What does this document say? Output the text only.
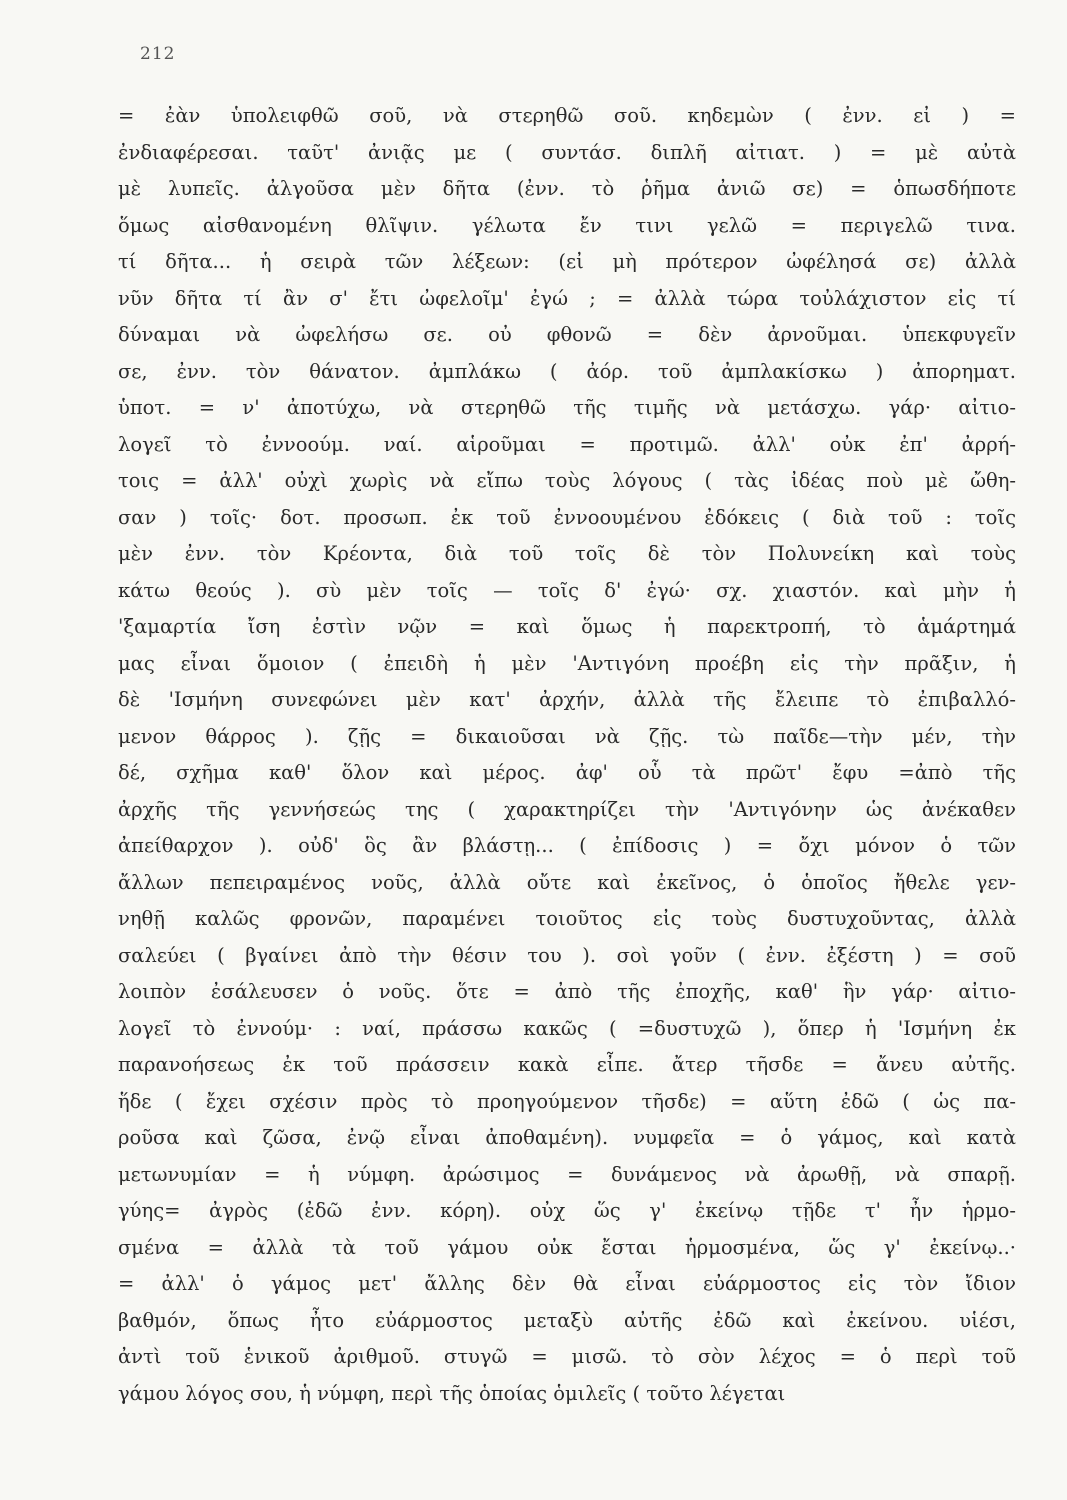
212
= ἐὰν ὑπολειφθῶ σοῦ, νὰ στερηθῶ σοῦ. κηδεμὼν ( ἐνν. εἰ ) =
ἐνδιαφέρεσαι. ταῦτ' ἀνιᾷς με ( συντάσ. διπλῆ αἰτιατ. ) = μὲ αὐτὰ
μὲ λυπεῖς. ἀλγοῦσα μὲν δῆτα (ἐνν. τὸ ῥῆμα ἀνιῶ σε) = ὁπωσδήποτε
ὅμως αἰσθανομένη θλῖψιν. γέλωτα ἔν τινι γελῶ = περιγελῶ τινα.
τί δῆτα... ἡ σειρὰ τῶν λέξεων: (εἰ μὴ πρότερον ὠφέλησά σε) ἀλλὰ
νῦν δῆτα τί ἂν σ' ἔτι ὠφελοῖμ' ἐγώ ; = ἀλλὰ τώρα τοὐλάχιστον εἰς τί
δύναμαι νὰ ὠφελήσω σε. οὐ φθονῶ = δὲν ἀρνοῦμαι. ὑπεκφυγεῖν
σε, ἐνν. τὸν θάνατον. ἀμπλάκω ( ἀόρ. τοῦ ἀμπλακίσκω ) ἀπορηματ.
ὑποτ. = ν' ἀποτύχω, νὰ στερηθῶ τῆς τιμῆς νὰ μετάσχω. γάρ· αἰτιο-
λογεῖ τὸ ἐννοούμ. ναί. αἱροῦμαι = προτιμῶ. ἀλλ' οὐκ ἐπ' ἀρρή-
τοις = ἀλλ' οὐχὶ χωρὶς νὰ εἴπω τοὺς λόγους ( τὰς ἰδέας ποὺ μὲ ὤθη-
σαν ) τοῖς· δοτ. προσωπ. ἐκ τοῦ ἐννοουμένου ἐδόκεις ( διὰ τοῦ : τοῖς
μὲν ἐνν. τὸν Κρέοντα, διὰ τοῦ τοῖς δὲ τὸν Πολυνείκη καὶ τοὺς
κάτω θεούς ). σὺ μὲν τοῖς — τοῖς δ' ἐγώ· σχ. χιαστόν. καὶ μὴν ἡ
'ξαμαρτία ἴση ἐστὶν νῷν = καὶ ὅμως ἡ παρεκτροπή, τὸ ἁμάρτημά
μας εἶναι ὅμοιον ( ἐπειδὴ ἡ μὲν 'Αντιγόνη προέβη εἰς τὴν πρᾶξιν, ἡ
δὲ 'Ισμήνη συνεφώνει μὲν κατ' ἀρχήν, ἀλλὰ τῆς ἔλειπε τὸ ἐπιβαλλό-
μενον θάρρος ). ζῇς = δικαιοῦσαι νὰ ζῇς. τὼ παῖδε—τὴν μέν, τὴν
δέ, σχῆμα καθ' ὅλον καὶ μέρος. ἀφ' οὗ τὰ πρῶτ' ἔφυ =ἀπὸ τῆς
ἀρχῆς τῆς γεννήσεώς της ( χαρακτηρίζει τὴν 'Αντιγόνην ὡς ἀνέκαθεν
ἀπείθαρχον ). οὐδ' ὃς ἂν βλάστῃ... ( ἐπίδοσις ) = ὄχι μόνον ὁ τῶν
ἄλλων πεπειραμένος νοῦς, ἀλλὰ οὔτε καὶ ἐκεῖνος, ὁ ὁποῖος ἤθελε γεν-
νηθῇ καλῶς φρονῶν, παραμένει τοιοῦτος εἰς τοὺς δυστυχοῦντας, ἀλλὰ
σαλεύει ( βγαίνει ἀπὸ τὴν θέσιν του ). σοὶ γοῦν ( ἐνν. ἐξέστη ) = σοῦ
λοιπὸν ἐσάλευσεν ὁ νοῦς. ὅτε = ἀπὸ τῆς ἐποχῆς, καθ' ἣν γάρ· αἰτιο-
λογεῖ τὸ ἐννούμ· : ναί, πράσσω κακῶς ( =δυστυχῶ ), ὅπερ ἡ 'Ισμήνη ἐκ
παρανοήσεως ἐκ τοῦ πράσσειν κακὰ εἶπε. ἄτερ τῆσδε = ἄνευ αὐτῆς.
ἥδε ( ἔχει σχέσιν πρὸς τὸ προηγούμενον τῆσδε) = αὕτη ἐδῶ ( ὡς πα-
ροῦσα καὶ ζῶσα, ἐνῷ εἶναι ἀποθαμένη). νυμφεῖα = ὁ γάμος, καὶ κατὰ
μετωνυμίαν = ἡ νύμφη. ἀρώσιμος = δυνάμενος νὰ ἀρωθῇ, νὰ σπαρῇ.
γύης= ἀγρὸς (ἐδῶ ἐνν. κόρη). οὐχ ὥς γ' ἐκείνῳ τῇδε τ' ἦν ἡρμο-
σμένα = ἀλλὰ τὰ τοῦ γάμου οὐκ ἔσται ἡρμοσμένα, ὥς γ' ἐκείνῳ..·
= ἀλλ' ὁ γάμος μετ' ἄλλης δὲν θὰ εἶναι εὐάρμοστος εἰς τὸν ἴδιον
βαθμόν, ὅπως ἦτο εὐάρμοστος μεταξὺ αὐτῆς ἐδῶ καὶ ἐκείνου. υἱέσι,
ἀντὶ τοῦ ἑνικοῦ ἀριθμοῦ. στυγῶ = μισῶ. τὸ σὸν λέχος = ὁ περὶ τοῦ
γάμου λόγος σου, ἡ νύμφη, περὶ τῆς ὁποίας ὁμιλεῖς ( τοῦτο λέγεται
